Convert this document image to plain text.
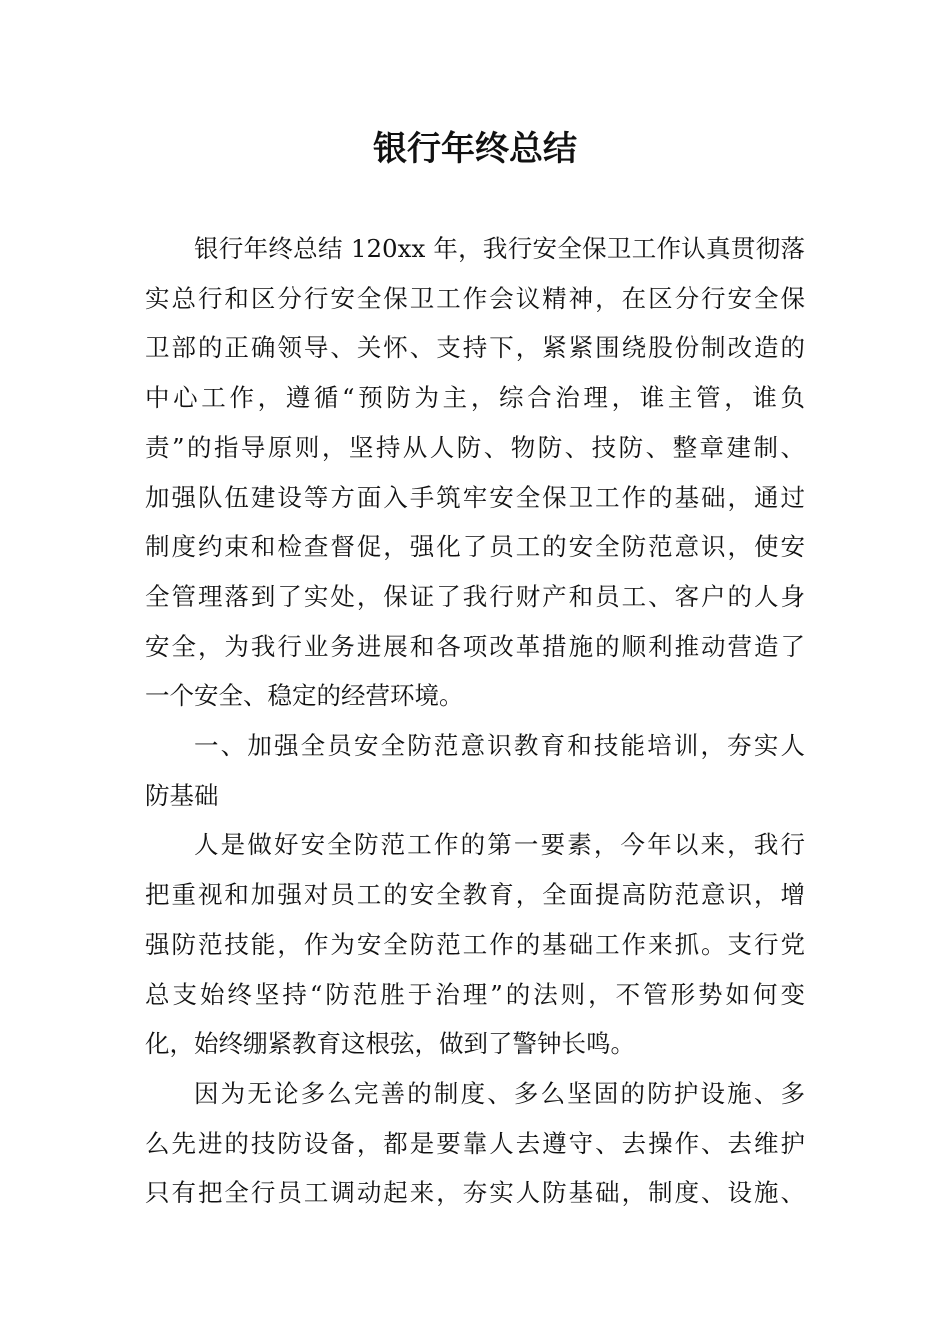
银行年终总结
银行年终总结 120xx 年，我行安全保卫工作认真贯彻落
实总行和区分行安全保卫工作会议精神，在区分行安全保
卫部的正确领导、关怀、支持下，紧紧围绕股份制改造的
中心工作，遵循“预防为主，综合治理，谁主管，谁负
责”的指导原则，坚持从人防、物防、技防、整章建制、
加强队伍建设等方面入手筑牢安全保卫工作的基础，通过
制度约束和检查督促，强化了员工的安全防范意识，使安
全管理落到了实处，保证了我行财产和员工、客户的人身
安全，为我行业务进展和各项改革措施的顺利推动营造了
一个安全、稳定的经营环境。
一、加强全员安全防范意识教育和技能培训，夯实人
防基础
人是做好安全防范工作的第一要素，今年以来，我行
把重视和加强对员工的安全教育，全面提高防范意识，增
强防范技能，作为安全防范工作的基础工作来抓。支行党
总支始终坚持“防范胜于治理”的法则，不管形势如何变
化，始终绷紧教育这根弦，做到了警钟长鸣。
因为无论多么完善的制度、多么坚固的防护设施、多
么先进的技防设备，都是要靠人去遵守、去操作、去维护
只有把全行员工调动起来，夯实人防基础，制度、设施、
